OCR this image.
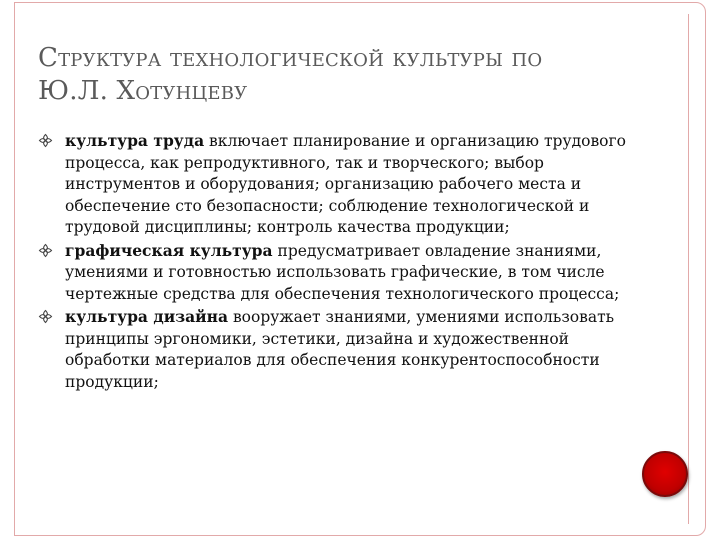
Структура технологической культуры по
Ю.Л. Хотунцеву
культура труда включает планирование и организацию трудового процесса, как репродуктивного, так и творческого; выбор инструментов и оборудования; организацию рабочего места и обеспечение сто безопасности; соблюдение технологической и трудовой дисциплины; контроль качества продукции;
графическая культура предусматривает овладение знаниями, умениями и готовностью использовать графические, в том числе чертежные средства для обеспечения технологического процесса;
культура дизайна вооружает знаниями, умениями использовать принципы эргономики, эстетики, дизайна и художественной обработки материалов для обеспечения конкурентоспособности продукции;
